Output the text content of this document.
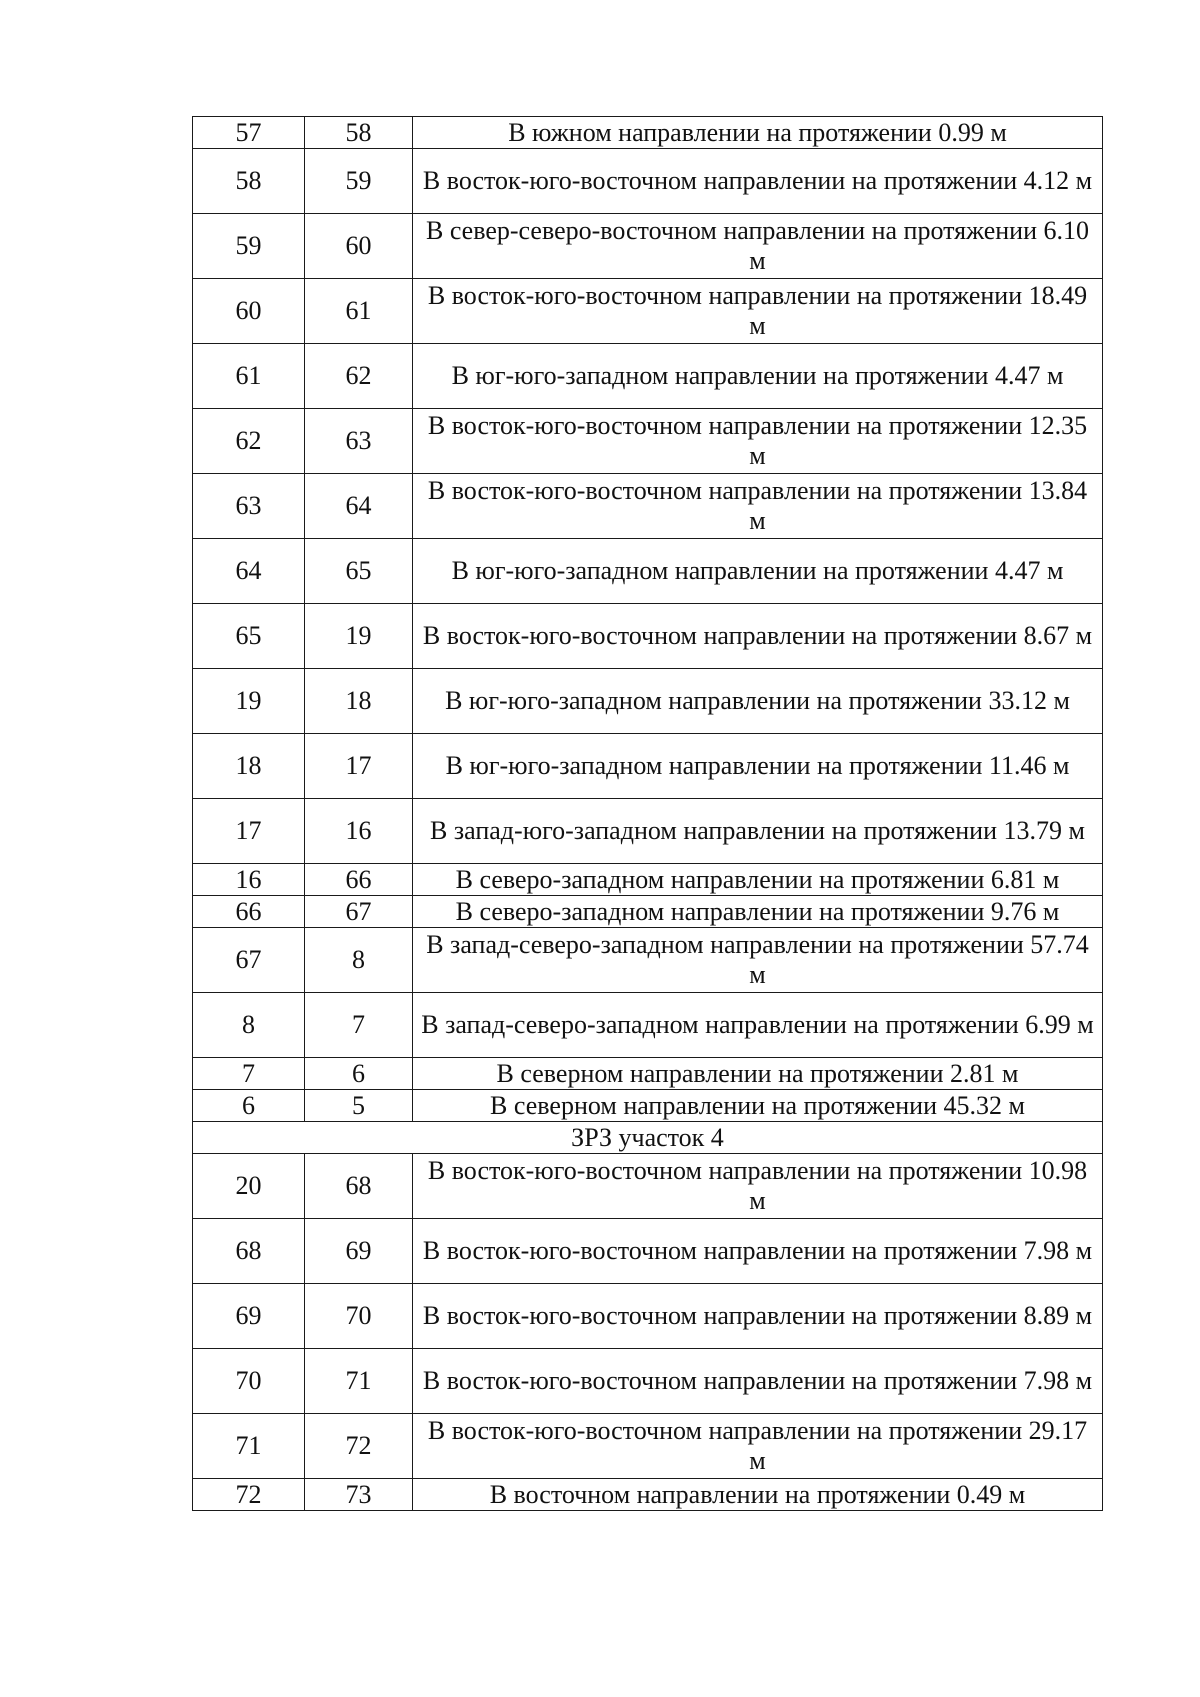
57	58	В южном направлении на протяжении 0.99 м
58	59	В восток-юго-восточном направлении на протяжении 4.12 м
59	60	В север-северо-восточном направлении на протяжении 6.10 м
60	61	В восток-юго-восточном направлении на протяжении 18.49 м
61	62	В юг-юго-западном направлении на протяжении 4.47 м
62	63	В восток-юго-восточном направлении на протяжении 12.35 м
63	64	В восток-юго-восточном направлении на протяжении 13.84 м
64	65	В юг-юго-западном направлении на протяжении 4.47 м
65	19	В восток-юго-восточном направлении на протяжении 8.67 м
19	18	В юг-юго-западном направлении на протяжении 33.12 м
18	17	В юг-юго-западном направлении на протяжении 11.46 м
17	16	В запад-юго-западном направлении на протяжении 13.79 м
16	66	В северо-западном направлении на протяжении 6.81 м
66	67	В северо-западном направлении на протяжении 9.76 м
67	8	В запад-северо-западном направлении на протяжении 57.74 м
8	7	В запад-северо-западном направлении на протяжении 6.99 м
7	6	В северном направлении на протяжении 2.81 м
6	5	В северном направлении на протяжении 45.32 м
ЗРЗ участок 4		
20	68	В восток-юго-восточном направлении на протяжении 10.98 м
68	69	В восток-юго-восточном направлении на протяжении 7.98 м
69	70	В восток-юго-восточном направлении на протяжении 8.89 м
70	71	В восток-юго-восточном направлении на протяжении 7.98 м
71	72	В восток-юго-восточном направлении на протяжении 29.17 м
72	73	В восточном направлении на протяжении 0.49 м
